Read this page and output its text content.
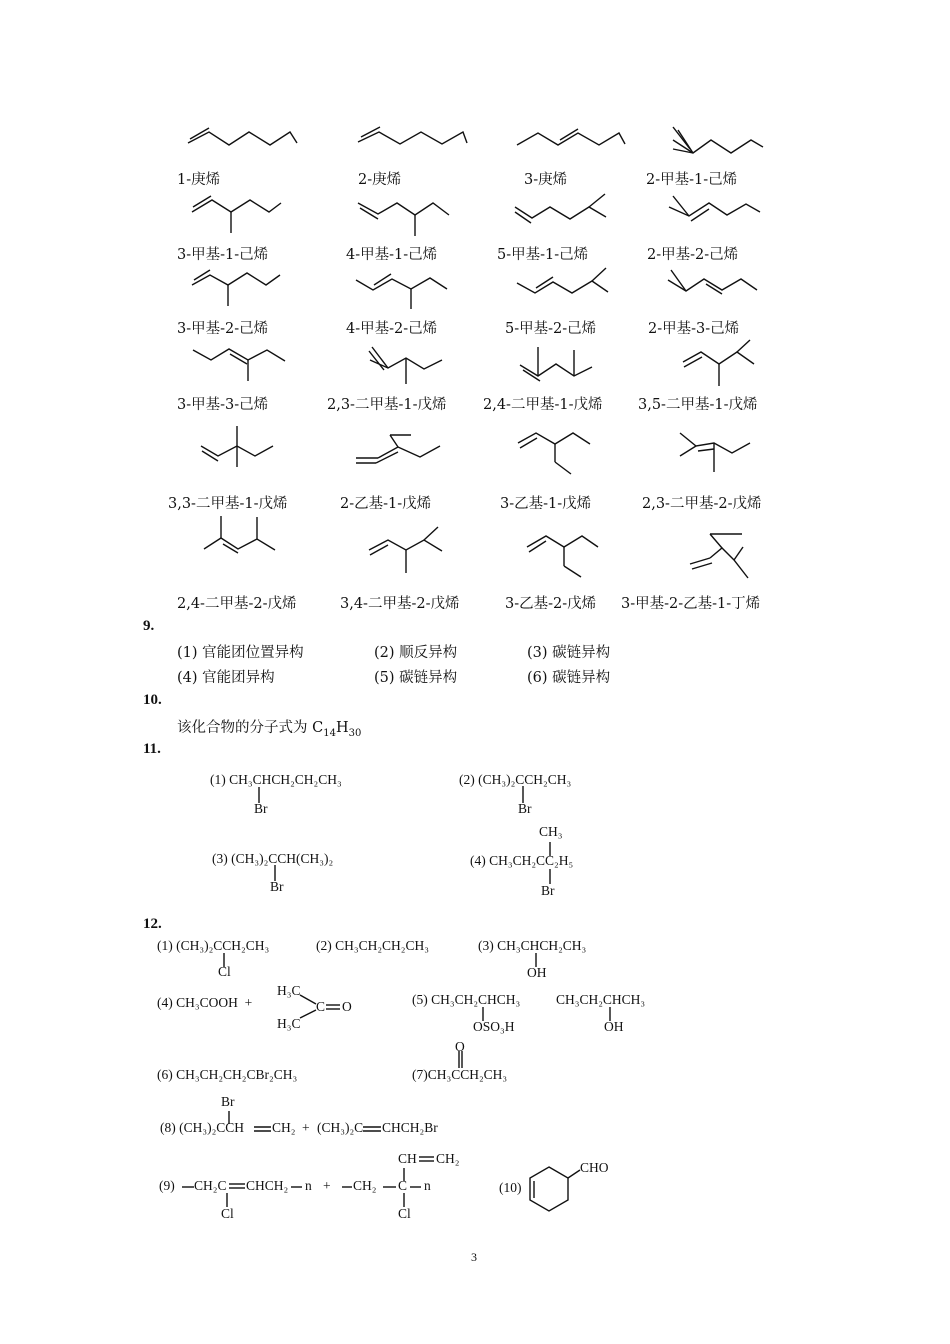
1-庚烯	2-庚烯	3-庚烯	2-甲基-1-己烯
3-甲基-1-己烯	4-甲基-1-己烯	5-甲基-1-己烯	2-甲基-2-己烯
3-甲基-2-己烯	4-甲基-2-己烯	5-甲基-2-己烯	2-甲基-3-己烯
3-甲基-3-己烯	2,3-二甲基-1-戊烯	2,4-二甲基-1-戊烯 3,5-二甲基-1-戊烯
3,3-二甲基-1-戊烯	2-乙基-1-戊烯	3-乙基-1-戊烯	2,3-二甲基-2-戊烯
2,4-二甲基-2-戊烯	3,4-二甲基-2-戊烯	3-乙基-2-戊烯 3-甲基-2-乙基-1-丁烯
9.
(1) 官能团位置异构	(2) 顺反异构	(3) 碳链异构
(4) 官能团异构	(5) 碳链异构	(6) 碳链异构
10.
该化合物的分子式为 $C_{14}H_{30}$
11.
(1) CH₃CHCH₂CH₂CH₃
Br
(2) (CH₃)₂CCH₂CH₃
Br
(3) (CH₃)₂CCH(CH₃)₂
Br
CH₃
(4) CH₃CH₂CC₂H₅
Br
12.
(1) (CH₃)₂CCH₂CH₃
Cl
(2) CH₃CH₂CH₂CH₃	(3) CH₃CHCH₂CH₃
OH
(4) CH₃COOH +
H₃C
H₃C
C O	(5) CH₃CH₂CHCH₃
OSO₃H
CH₃CH₂CHCH₃
OH
(6) CH₃CH₂CH₂CBr₂CH₃
O
(7)CH₃CCH₂CH₃
Br
(8) (CH₃)₂CCH CH₂ + (CH₃)₂C CHCH₂Br
(9) CH₂C CHCH₂ n
Cl
+ CH₂ C n
CH CH₂
Cl
(10)
CHO
3
